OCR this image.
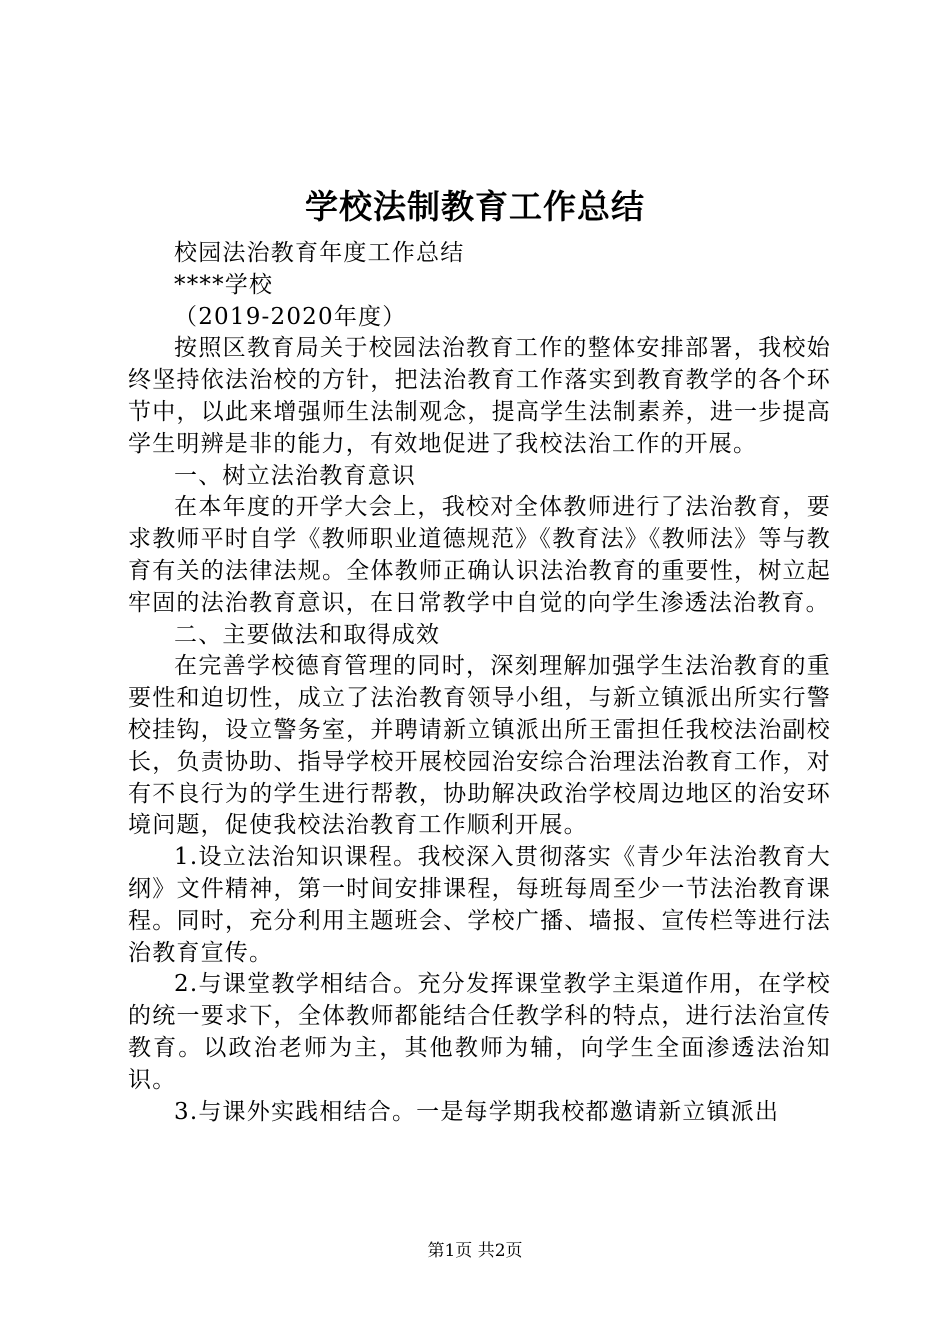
学校法制教育工作总结

校园法治教育年度工作总结

****学校

（2019-2020年度）

按照区教育局关于校园法治教育工作的整体安排部署，我校始终坚持依法治校的方针，把法治教育工作落实到教育教学的各个环节中，以此来增强师生法制观念，提高学生法制素养，进一步提高学生明辨是非的能力，有效地促进了我校法治工作的开展。

一、树立法治教育意识

在本年度的开学大会上，我校对全体教师进行了法治教育，要求教师平时自学《教师职业道德规范》《教育法》《教师法》等与教育有关的法律法规。全体教师正确认识法治教育的重要性，树立起牢固的法治教育意识，在日常教学中自觉的向学生渗透法治教育。

二、主要做法和取得成效

在完善学校德育管理的同时，深刻理解加强学生法治教育的重要性和迫切性，成立了法治教育领导小组，与新立镇派出所实行警校挂钩，设立警务室，并聘请新立镇派出所王雷担任我校法治副校长，负责协助、指导学校开展校园治安综合治理法治教育工作，对有不良行为的学生进行帮教，协助解决政治学校周边地区的治安环境问题，促使我校法治教育工作顺利开展。

1.设立法治知识课程。我校深入贯彻落实《青少年法治教育大纲》文件精神，第一时间安排课程，每班每周至少一节法治教育课程。同时，充分利用主题班会、学校广播、墙报、宣传栏等进行法治教育宣传。

2.与课堂教学相结合。充分发挥课堂教学主渠道作用，在学校的统一要求下，全体教师都能结合任教学科的特点，进行法治宣传教育。以政治老师为主，其他教师为辅，向学生全面渗透法治知识。

3.与课外实践相结合。一是每学期我校都邀请新立镇派出

第1页 共2页
